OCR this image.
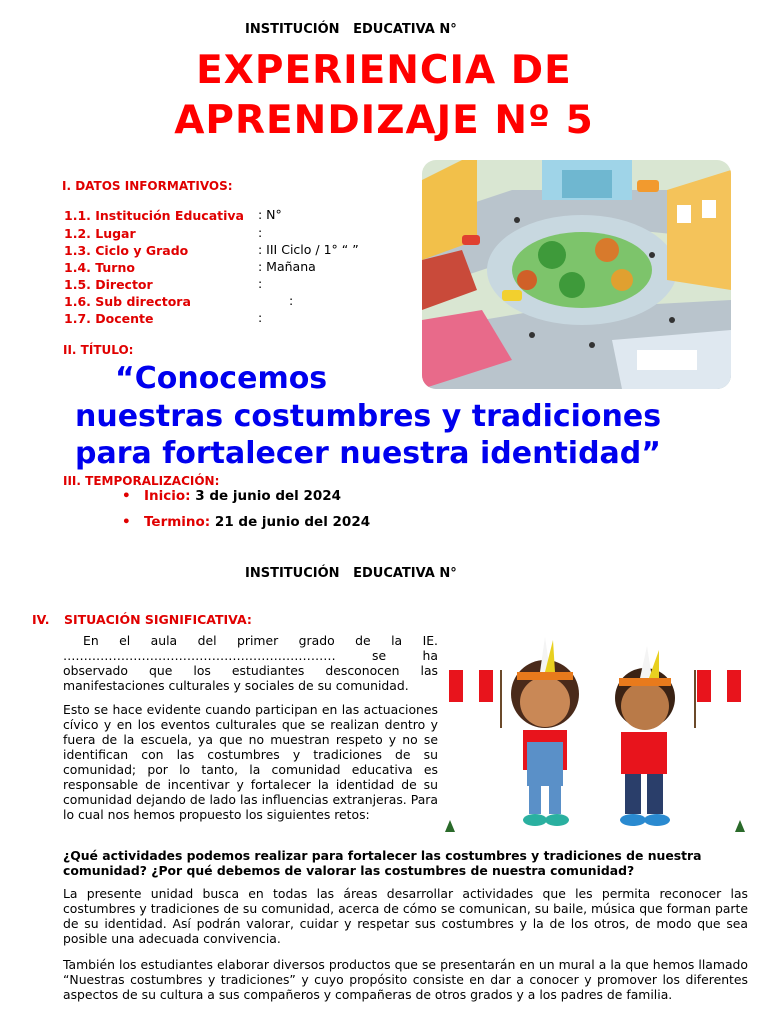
INSTITUCIÓN   EDUCATIVA N°
EXPERIENCIA DE
APRENDIZAJE Nº 5
I. DATOS INFORMATIVOS:
1.1. Institución Educativa : N°
1.2. Lugar	:
1.3. Ciclo y Grado	: III Ciclo / 1° “ ”
1.4. Turno	: Mañana
1.5. Director	:
1.6. Sub directora	:
1.7. Docente	:
II. TÍTULO:
“Conocemos
nuestras costumbres y tradiciones
para fortalecer nuestra identidad”
III. TEMPORALIZACIÓN:
• Inicio: 3 de junio del 2024
• Termino: 21 de junio del 2024
INSTITUCIÓN   EDUCATIVA N°
IV. SITUACIÓN SIGNIFICATIVA:
En el aula del primer grado de la IE. ………………………………………………………… se ha observado que los estudiantes desconocen las manifestaciones culturales y sociales de su comunidad.
Esto se hace evidente cuando participan en las actuaciones cívico y en los eventos culturales que se realizan dentro y fuera de la escuela, ya que no muestran respeto y no se identifican con las costumbres y tradiciones de su comunidad; por lo tanto, la comunidad educativa es responsable de incentivar y fortalecer la identidad de su comunidad dejando de lado las influencias extranjeras. Para lo cual nos hemos propuesto los siguientes retos:
¿Qué actividades podemos realizar para fortalecer las costumbres y tradiciones de nuestra comunidad? ¿Por qué debemos de valorar las costumbres de nuestra comunidad?
La presente unidad busca en todas las áreas desarrollar actividades que les permita reconocer las costumbres y tradiciones de su comunidad, acerca de cómo se comunican, su baile, música que forman parte de su identidad. Así podrán valorar, cuidar y respetar sus costumbres y la de los otros, de modo que sea posible una adecuada convivencia.
También los estudiantes elaborar diversos productos que se presentarán en un mural a la que hemos llamado “Nuestras costumbres y tradiciones” y cuyo propósito consiste en dar a conocer y promover los diferentes aspectos de su cultura a sus compañeros y compañeras de otros grados y a los padres de familia.
